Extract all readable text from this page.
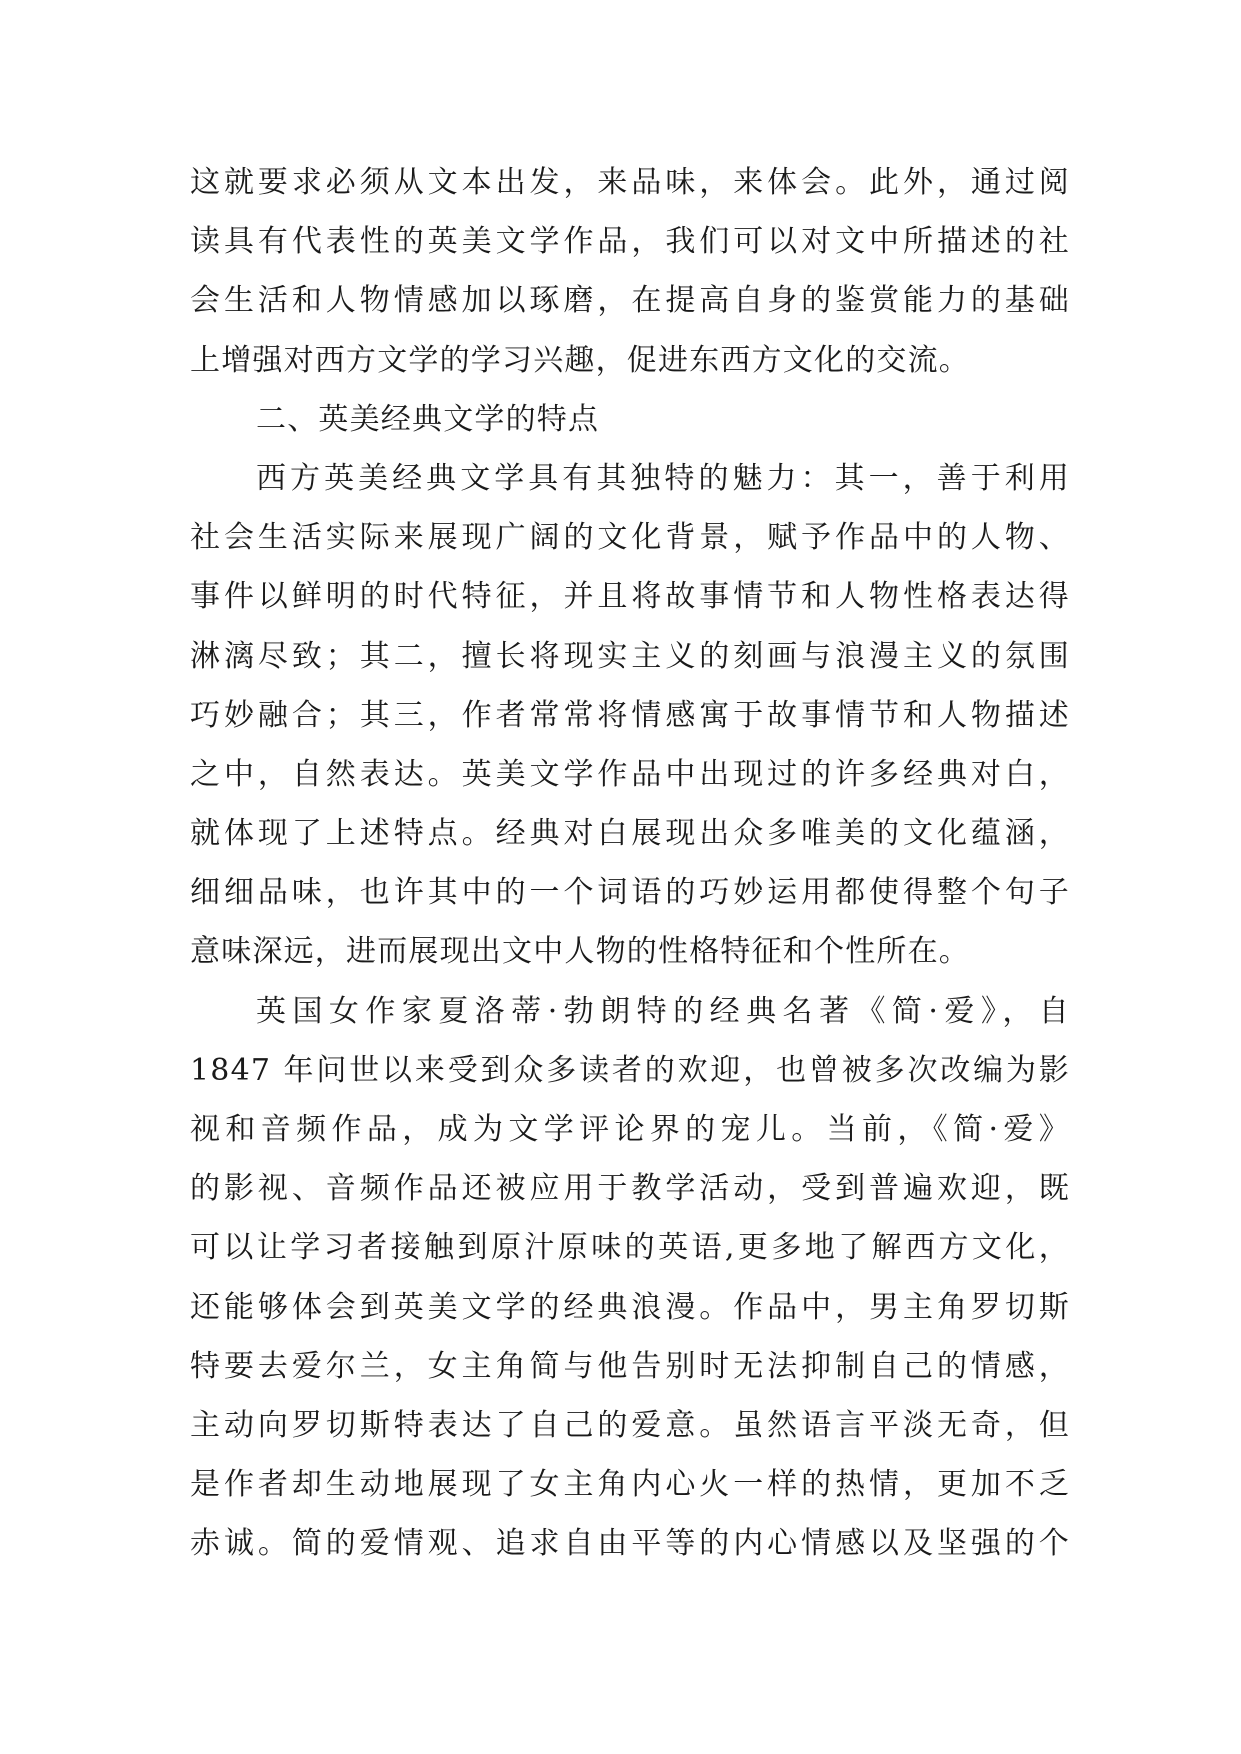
这就要求必须从文本出发，来品味，来体会。此外，通过阅
读具有代表性的英美文学作品，我们可以对文中所描述的社
会生活和人物情感加以琢磨，在提高自身的鉴赏能力的基础
上增强对西方文学的学习兴趣，促进东西方文化的交流。
二、英美经典文学的特点
西方英美经典文学具有其独特的魅力：其一，善于利用
社会生活实际来展现广阔的文化背景，赋予作品中的人物、
事件以鲜明的时代特征，并且将故事情节和人物性格表达得
淋漓尽致；其二，擅长将现实主义的刻画与浪漫主义的氛围
巧妙融合；其三，作者常常将情感寓于故事情节和人物描述
之中，自然表达。英美文学作品中出现过的许多经典对白，
就体现了上述特点。经典对白展现出众多唯美的文化蕴涵，
细细品味，也许其中的一个词语的巧妙运用都使得整个句子
意味深远，进而展现出文中人物的性格特征和个性所在。
英国女作家夏洛蒂·勃朗特的经典名著《简·爱》，自
1847 年问世以来受到众多读者的欢迎，也曾被多次改编为影
视和音频作品，成为文学评论界的宠儿。当前，《简·爱》
的影视、音频作品还被应用于教学活动，受到普遍欢迎，既
可以让学习者接触到原汁原味的英语,更多地了解西方文化，
还能够体会到英美文学的经典浪漫。作品中，男主角罗切斯
特要去爱尔兰，女主角简与他告别时无法抑制自己的情感，
主动向罗切斯特表达了自己的爱意。虽然语言平淡无奇，但
是作者却生动地展现了女主角内心火一样的热情，更加不乏
赤诚。简的爱情观、追求自由平等的内心情感以及坚强的个
